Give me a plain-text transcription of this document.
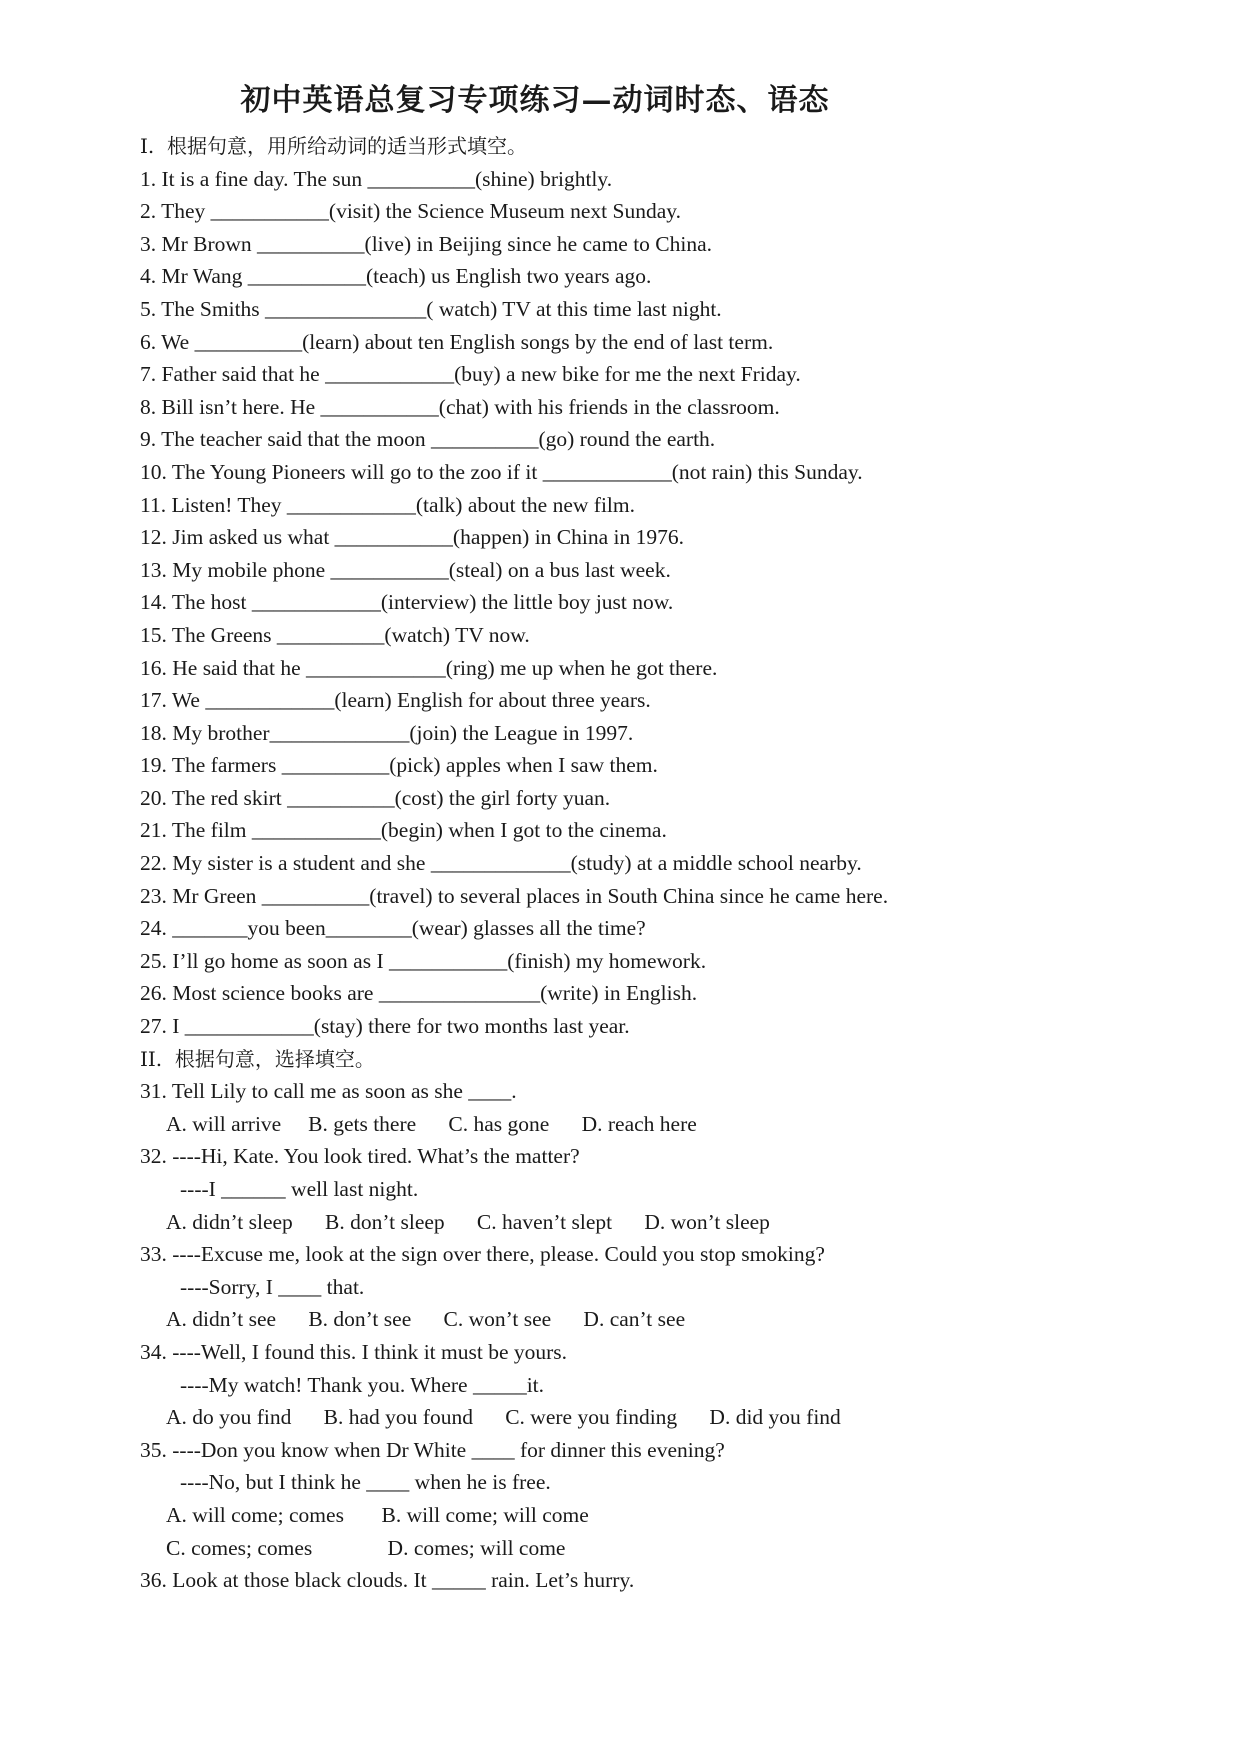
初中英语总复习专项练习—动词时态、语态
I.  根据句意，用所给动词的适当形式填空。
1. It is a fine day. The sun __________(shine) brightly.
2. They ___________(visit) the Science Museum next Sunday.
3. Mr Brown __________(live) in Beijing since he came to China.
4. Mr Wang ___________(teach) us English two years ago.
5. The Smiths _______________( watch) TV at this time last night.
6. We __________(learn) about ten English songs by the end of last term.
7. Father said that he ____________(buy) a new bike for me the next Friday.
8. Bill isn’t here. He ___________(chat) with his friends in the classroom.
9. The teacher said that the moon __________(go) round the earth.
10. The Young Pioneers will go to the zoo if it ____________(not rain) this Sunday.
11. Listen! They ____________(talk) about the new film.
12. Jim asked us what ___________(happen) in China in 1976.
13. My mobile phone ___________(steal) on a bus last week.
14. The host ____________(interview) the little boy just now.
15. The Greens __________(watch) TV now.
16. He said that he _____________(ring) me up when he got there.
17. We ____________(learn) English for about three years.
18. My brother_____________(join) the League in 1997.
19. The farmers __________(pick) apples when I saw them.
20. The red skirt __________(cost) the girl forty yuan.
21. The film ____________(begin) when I got to the cinema.
22. My sister is a student and she _____________(study) at a middle school nearby.
23. Mr Green __________(travel) to several places in South China since he came here.
24. _______you been________(wear) glasses all the time?
25. I’ll go home as soon as I ___________(finish) my homework.
26. Most science books are _______________(write) in English.
27. I ____________(stay) there for two months last year.
II.  根据句意，选择填空。
31. Tell Lily to call me as soon as she ____.
A. will arrive     B. gets there      C. has gone      D. reach here
32. ----Hi, Kate. You look tired. What’s the matter?
----I ______ well last night.
A. didn’t sleep      B. don’t sleep      C. haven’t slept      D. won’t sleep
33. ----Excuse me, look at the sign over there, please. Could you stop smoking?
----Sorry, I ____ that.
A. didn’t see      B. don’t see      C. won’t see      D. can’t see
34. ----Well, I found this. I think it must be yours.
----My watch! Thank you. Where _____it.
A. do you find      B. had you found      C. were you finding      D. did you find
35. ----Don you know when Dr White ____ for dinner this evening?
----No, but I think he ____ when he is free.
A. will come; comes       B. will come; will come
C. comes; comes              D. comes; will come
36. Look at those black clouds. It _____ rain. Let’s hurry.
